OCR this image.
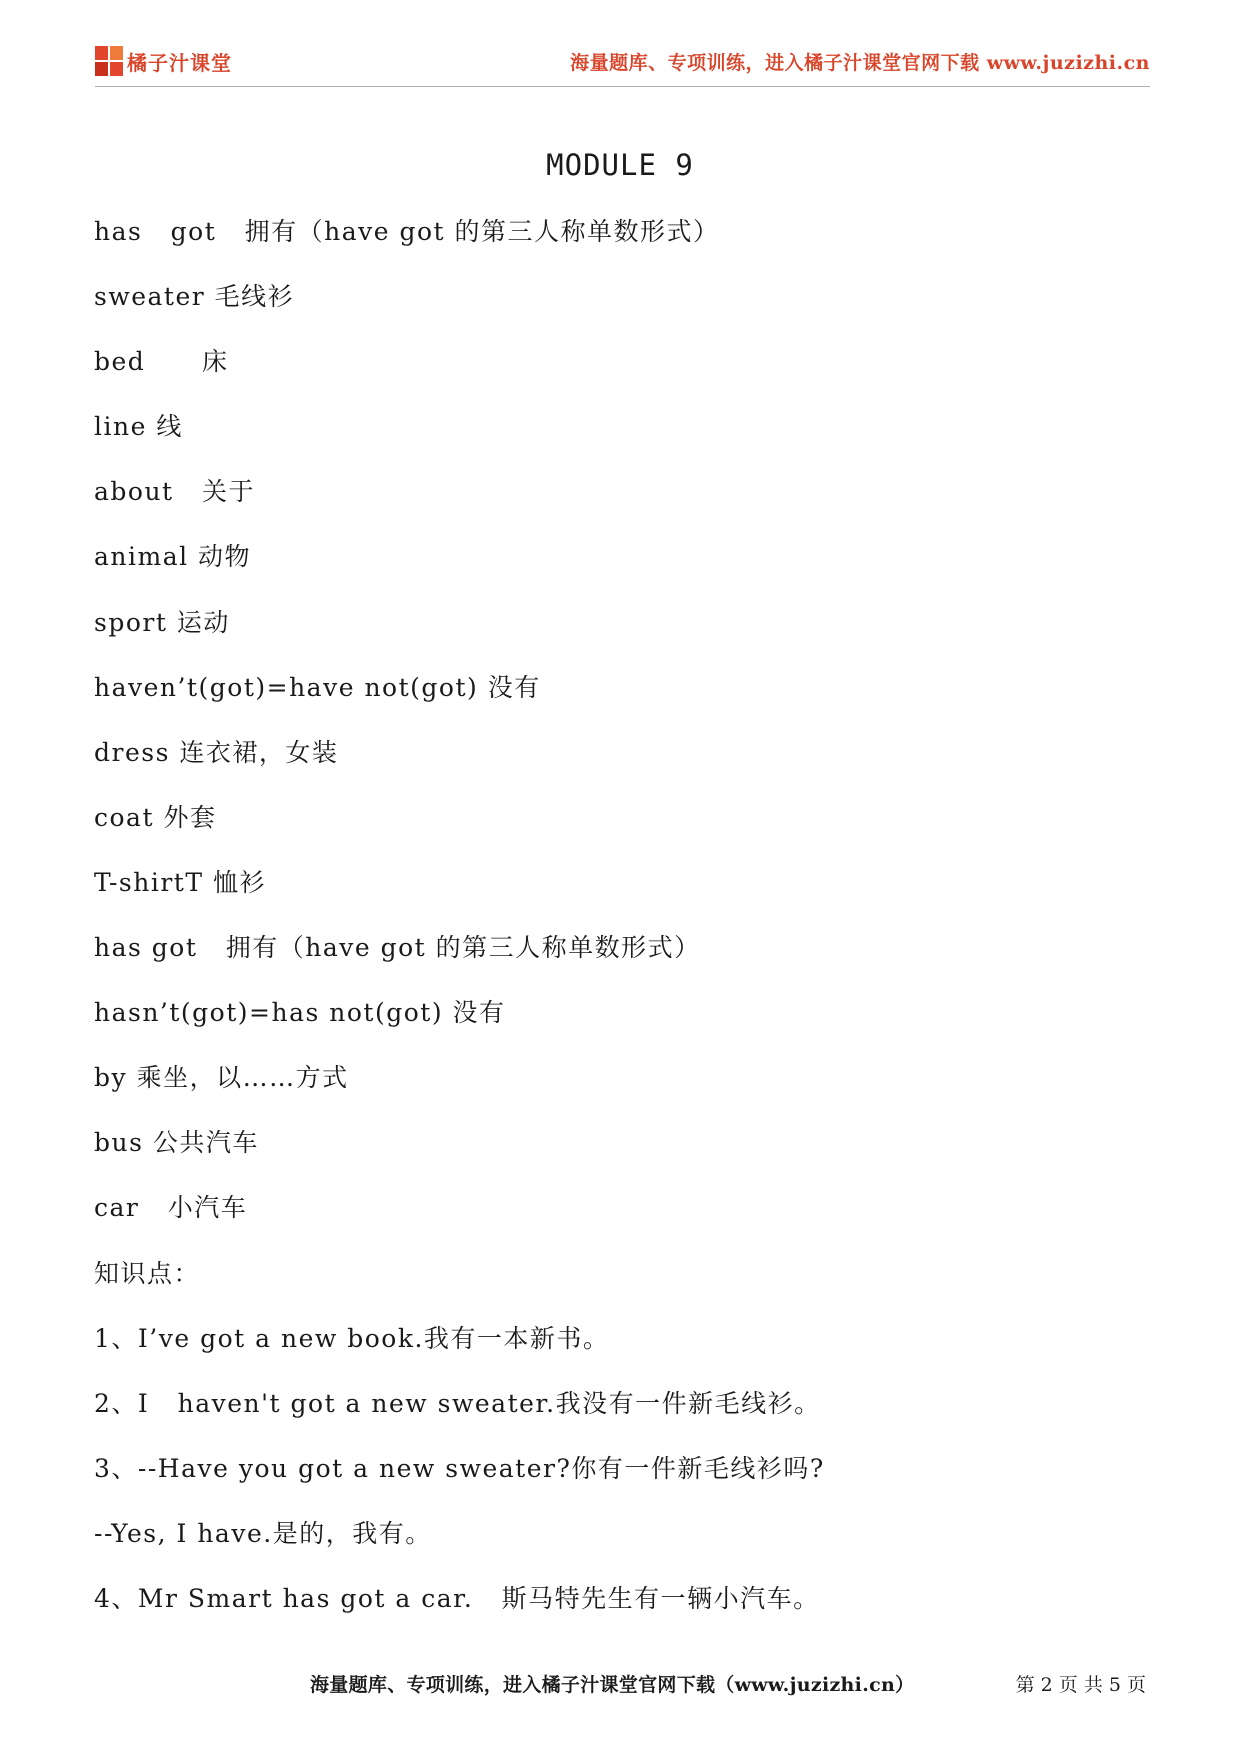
橘子汁课堂	海量题库、专项训练，进入橘子汁课堂官网下载 www.juzizhi.cn
MODULE 9
has   got   拥有（have got 的第三人称单数形式）
sweater 毛线衫
bed      床
line 线
about   关于
animal 动物
sport 运动
haven’t(got)=have not(got) 没有
dress 连衣裙，女装
coat 外套
T-shirtT 恤衫
has got   拥有（have got 的第三人称单数形式）
hasn’t(got)=has not(got) 没有
by 乘坐，以……方式
bus 公共汽车
car   小汽车
知识点：
1、I’ve got a new book.我有一本新书。
2、I   haven't got a new sweater.我没有一件新毛线衫。
3、--Have you got a new sweater?你有一件新毛线衫吗?
--Yes, I have.是的，我有。
4、Mr Smart has got a car.   斯马特先生有一辆小汽车。
海量题库、专项训练，进入橘子汁课堂官网下载（www.juzizhi.cn）	第 2 页 共 5 页
